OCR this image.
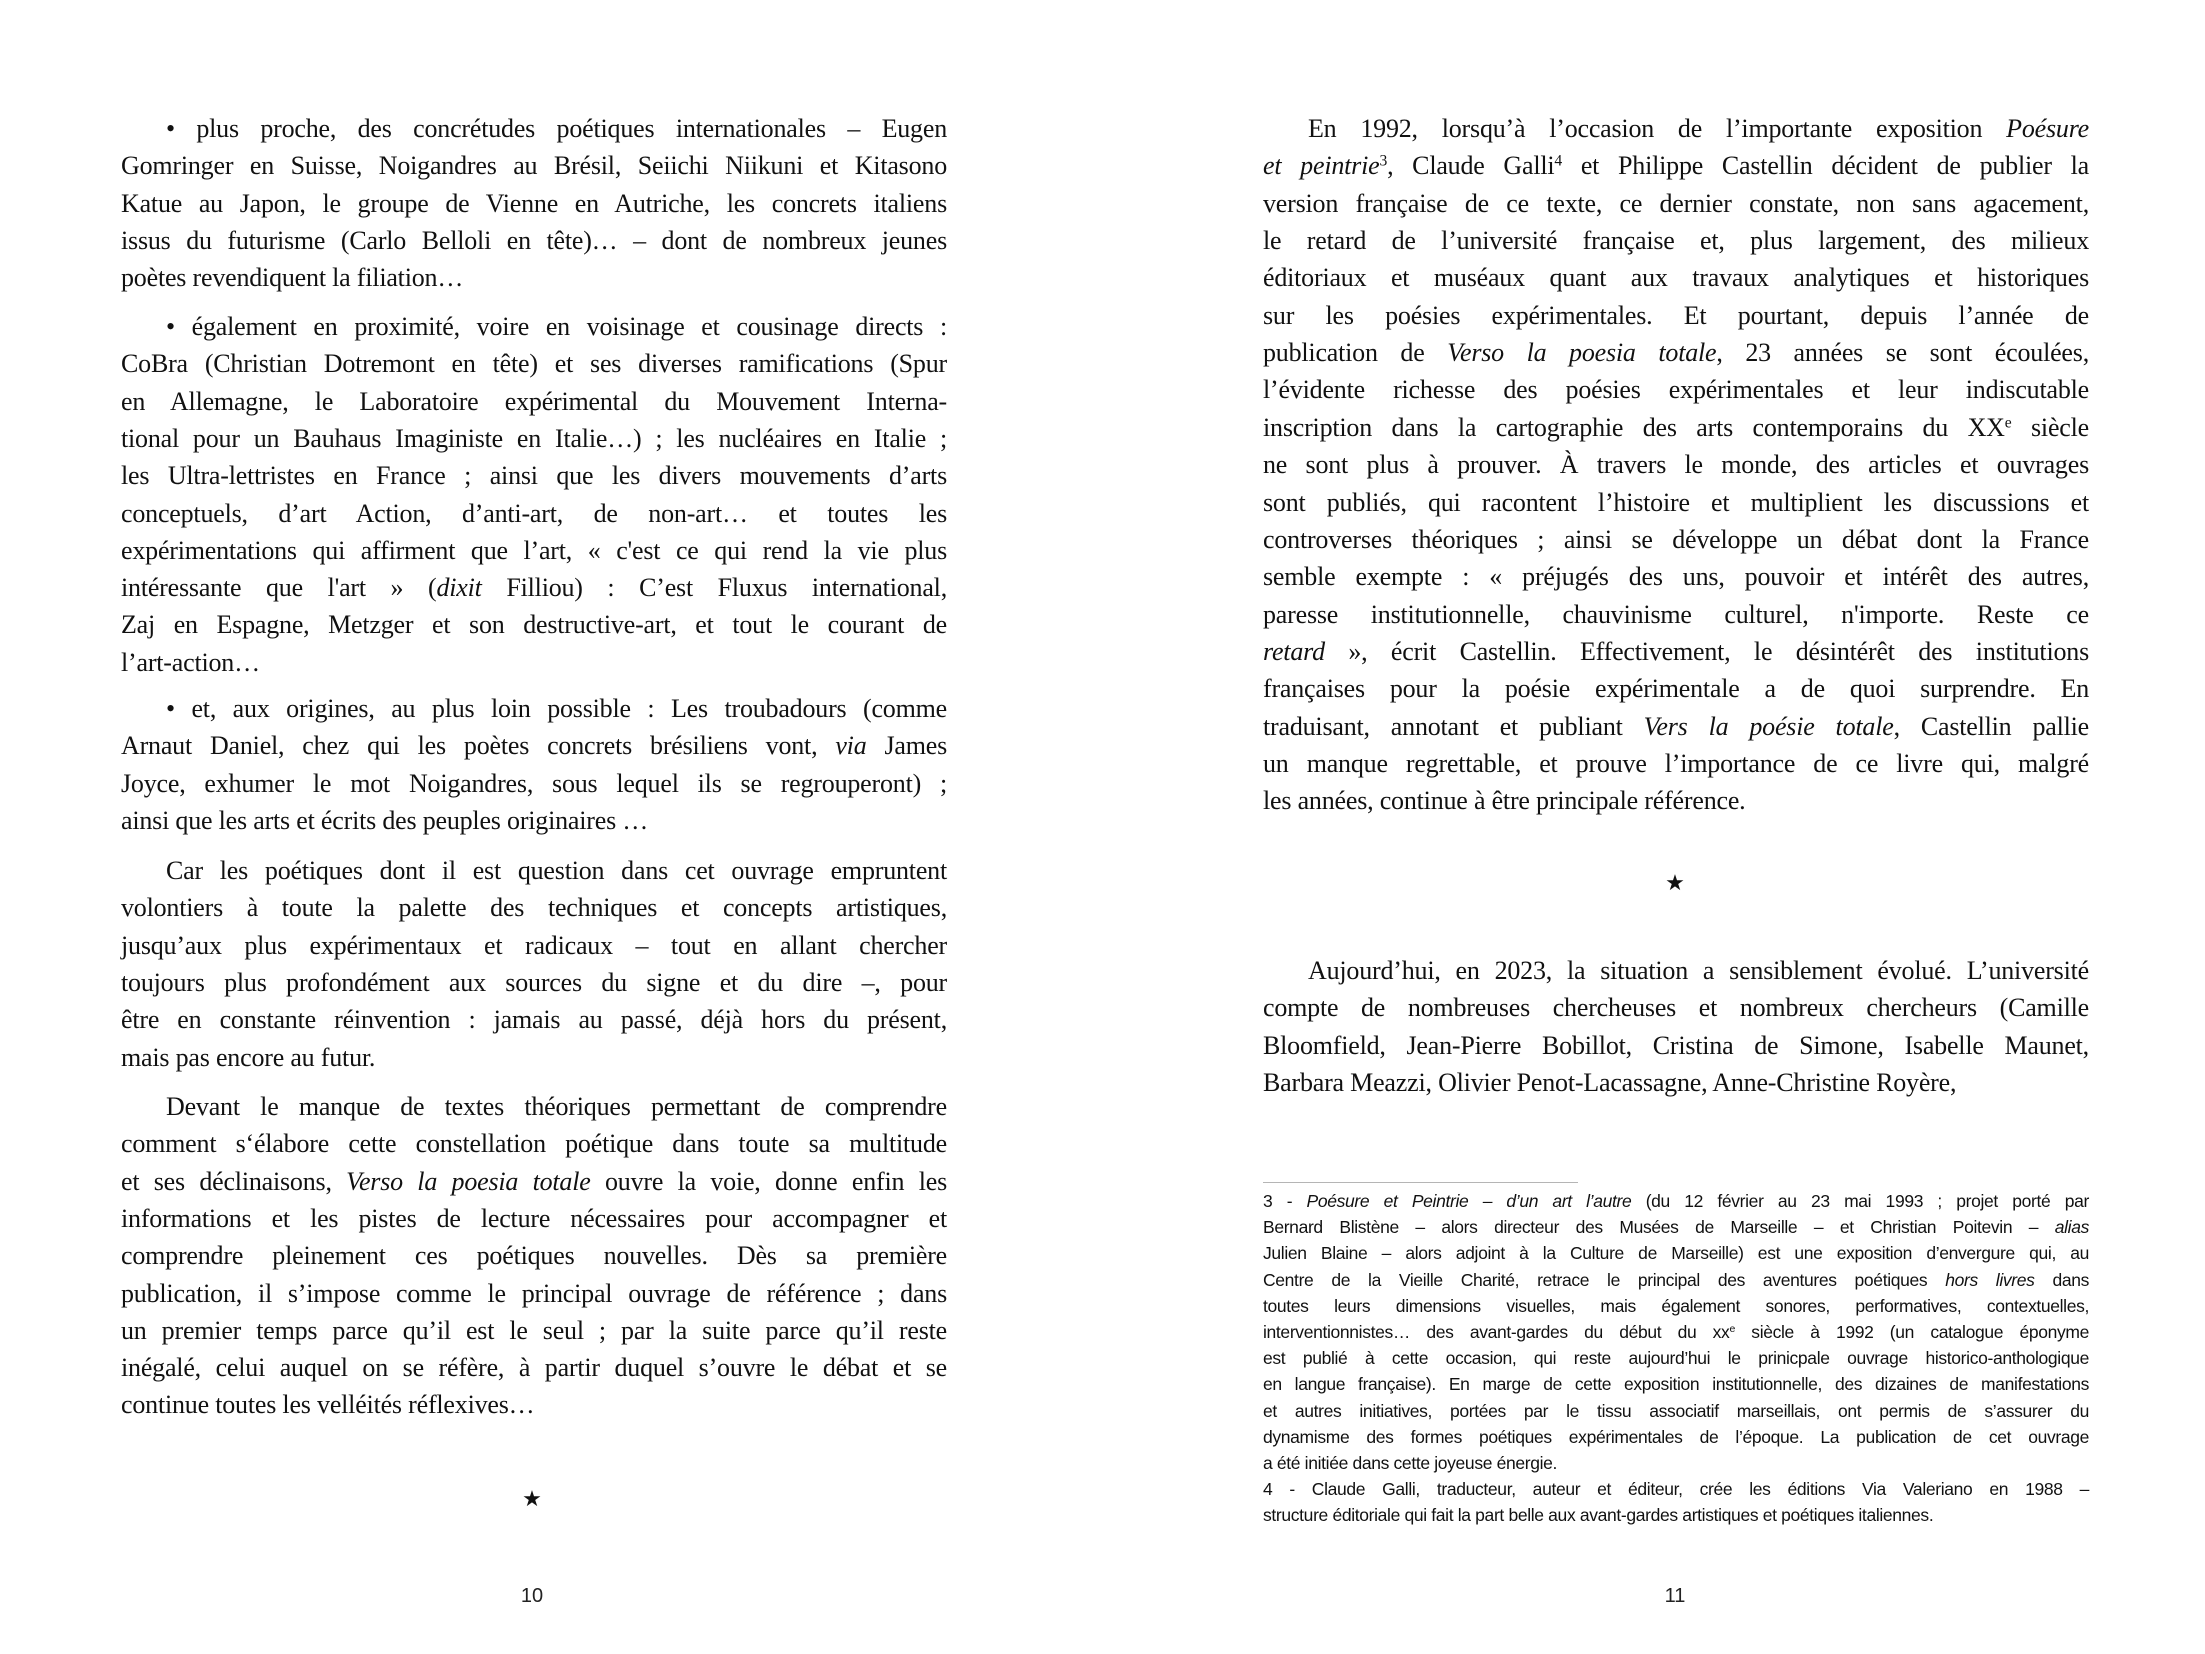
• plus proche, des concrétudes poétiques internationales – Eugen
Gomringer en Suisse, Noigandres au Brésil, Seiichi Niikuni et Kitasono
Katue au Japon, le groupe de Vienne en Autriche, les concrets italiens
issus du futurisme (Carlo Belloli en tête)… – dont de nombreux jeunes
poètes revendiquent la filiation…
• également en proximité, voire en voisinage et cousinage directs :
CoBra (Christian Dotremont en tête) et ses diverses ramifications (Spur
en Allemagne, le Laboratoire expérimental du Mouvement Interna-
tional pour un Bauhaus Imaginiste en Italie…) ; les nucléaires en Italie ;
les Ultra-lettristes en France ; ainsi que les divers mouvements d’arts
conceptuels, d’art Action, d’anti-art, de non-art… et toutes les
expérimentations qui affirment que l’art, « c'est ce qui rend la vie plus
intéressante que l'art » (dixit Filliou) : C’est Fluxus international,
Zaj en Espagne, Metzger et son destructive-art, et tout le courant de
l’art-action…
• et, aux origines, au plus loin possible : Les troubadours (comme
Arnaut Daniel, chez qui les poètes concrets brésiliens vont, via James
Joyce, exhumer le mot Noigandres, sous lequel ils se regrouperont) ;
ainsi que les arts et écrits des peuples originaires …
Car les poétiques dont il est question dans cet ouvrage empruntent
volontiers à toute la palette des techniques et concepts artistiques,
jusqu’aux plus expérimentaux et radicaux – tout en allant chercher
toujours plus profondément aux sources du signe et du dire –, pour
être en constante réinvention : jamais au passé, déjà hors du présent,
mais pas encore au futur.
Devant le manque de textes théoriques permettant de comprendre
comment s‘élabore cette constellation poétique dans toute sa multitude
et ses déclinaisons, Verso la poesia totale ouvre la voie, donne enfin les
informations et les pistes de lecture nécessaires pour accompagner et
comprendre pleinement ces poétiques nouvelles. Dès sa première
publication, il s’impose comme le principal ouvrage de référence ; dans
un premier temps parce qu’il est le seul ; par la suite parce qu’il reste
inégalé, celui auquel on se réfère, à partir duquel s’ouvre le débat et se
continue toutes les velléités réflexives…
★
10
En 1992, lorsqu’à l’occasion de l’importante exposition Poésure
et peintrie$^3$, Claude Galli$^4$ et Philippe Castellin décident de publier la
version française de ce texte, ce dernier constate, non sans agacement,
le retard de l’université française et, plus largement, des milieux
éditoriaux et muséaux quant aux travaux analytiques et historiques
sur les poésies expérimentales. Et pourtant, depuis l’année de
publication de Verso la poesia totale, 23 années se sont écoulées,
l’évidente richesse des poésies expérimentales et leur indiscutable
inscription dans la cartographie des arts contemporains du XXe siècle
ne sont plus à prouver. À travers le monde, des articles et ouvrages
sont publiés, qui racontent l’histoire et multiplient les discussions et
controverses théoriques ; ainsi se développe un débat dont la France
semble exempte : « préjugés des uns, pouvoir et intérêt des autres,
paresse institutionnelle, chauvinisme culturel, n'importe. Reste ce
retard », écrit Castellin. Effectivement, le désintérêt des institutions
françaises pour la poésie expérimentale a de quoi surprendre. En
traduisant, annotant et publiant Vers la poésie totale, Castellin pallie
un manque regrettable, et prouve l’importance de ce livre qui, malgré
les années, continue à être principale référence.
Aujourd’hui, en 2023, la situation a sensiblement évolué. L’université
compte de nombreuses chercheuses et nombreux chercheurs (Camille
Bloomfield, Jean-Pierre Bobillot, Cristina de Simone, Isabelle Maunet,
Barbara Meazzi, Olivier Penot-Lacassagne, Anne-Christine Royère,
★
3 - Poésure et Peintrie – d’un art l’autre (du 12 février au 23 mai 1993 ; projet porté par
Bernard Blistène – alors directeur des Musées de Marseille – et Christian Poitevin – alias
Julien Blaine – alors adjoint à la Culture de Marseille) est une exposition d’envergure qui, au
Centre de la Vieille Charité, retrace le principal des aventures poétiques hors livres dans
toutes leurs dimensions visuelles, mais également sonores, performatives, contextuelles,
interventionnistes… des avant-gardes du début du $xx^e$ siècle à 1992 (un catalogue éponyme
est publié à cette occasion, qui reste aujourd’hui le prinicpale ouvrage historico-anthologique
en langue française). En marge de cette exposition institutionnelle, des dizaines de manifestations
et autres initiatives, portées par le tissu associatif marseillais, ont permis de s’assurer du
dynamisme des formes poétiques expérimentales de l’époque. La publication de cet ouvrage
a été initiée dans cette joyeuse énergie.
4 - Claude Galli, traducteur, auteur et éditeur, crée les éditions Via Valeriano en 1988 –
structure éditoriale qui fait la part belle aux avant-gardes artistiques et poétiques italiennes.
11
